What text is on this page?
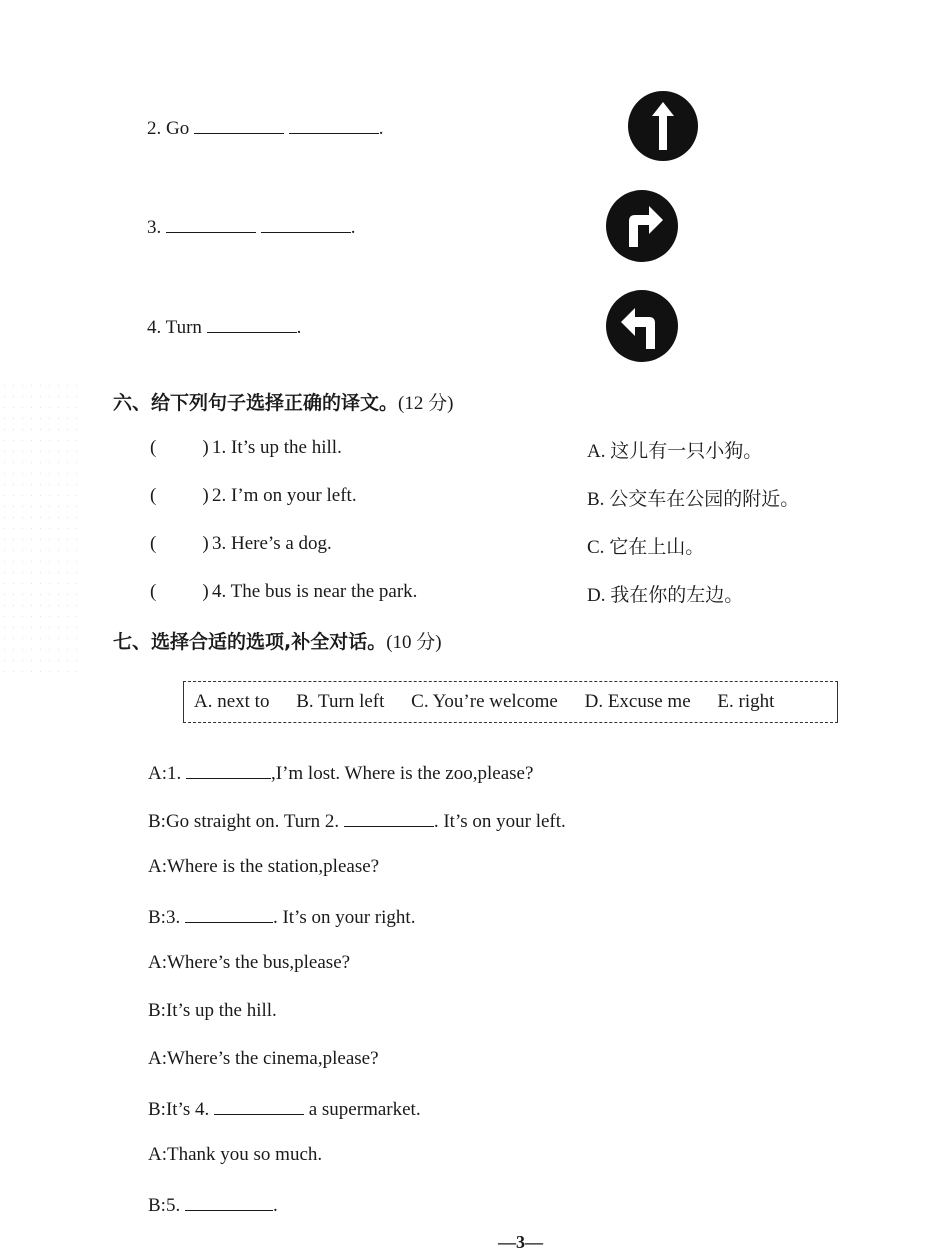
2. Go	.
3.	.
4. Turn	.
六、给下列句子选择正确的译文。(12 分)
( ) 1. It’s up the hill.
( ) 2. I’m on your left.
( ) 3. Here’s a dog.
( ) 4. The bus is near the park.
A. 这儿有一只小狗。
B. 公交车在公园的附近。
C. 它在上山。
D. 我在你的左边。
七、选择合适的选项,补全对话。(10 分)
A. next to B. Turn left C. You’re welcome D. Excuse me E. right
A:1.	,I’m lost. Where is the zoo,please?
B:Go straight on. Turn 2.	. It’s on your left.
A:Where is the station,please?
B:3.	. It’s on your right.
A:Where’s the bus,please?
B:It’s up the hill.
A:Where’s the cinema,please?
B:It’s 4.	a supermarket.
A:Thank you so much.
B:5.	.
—3—
